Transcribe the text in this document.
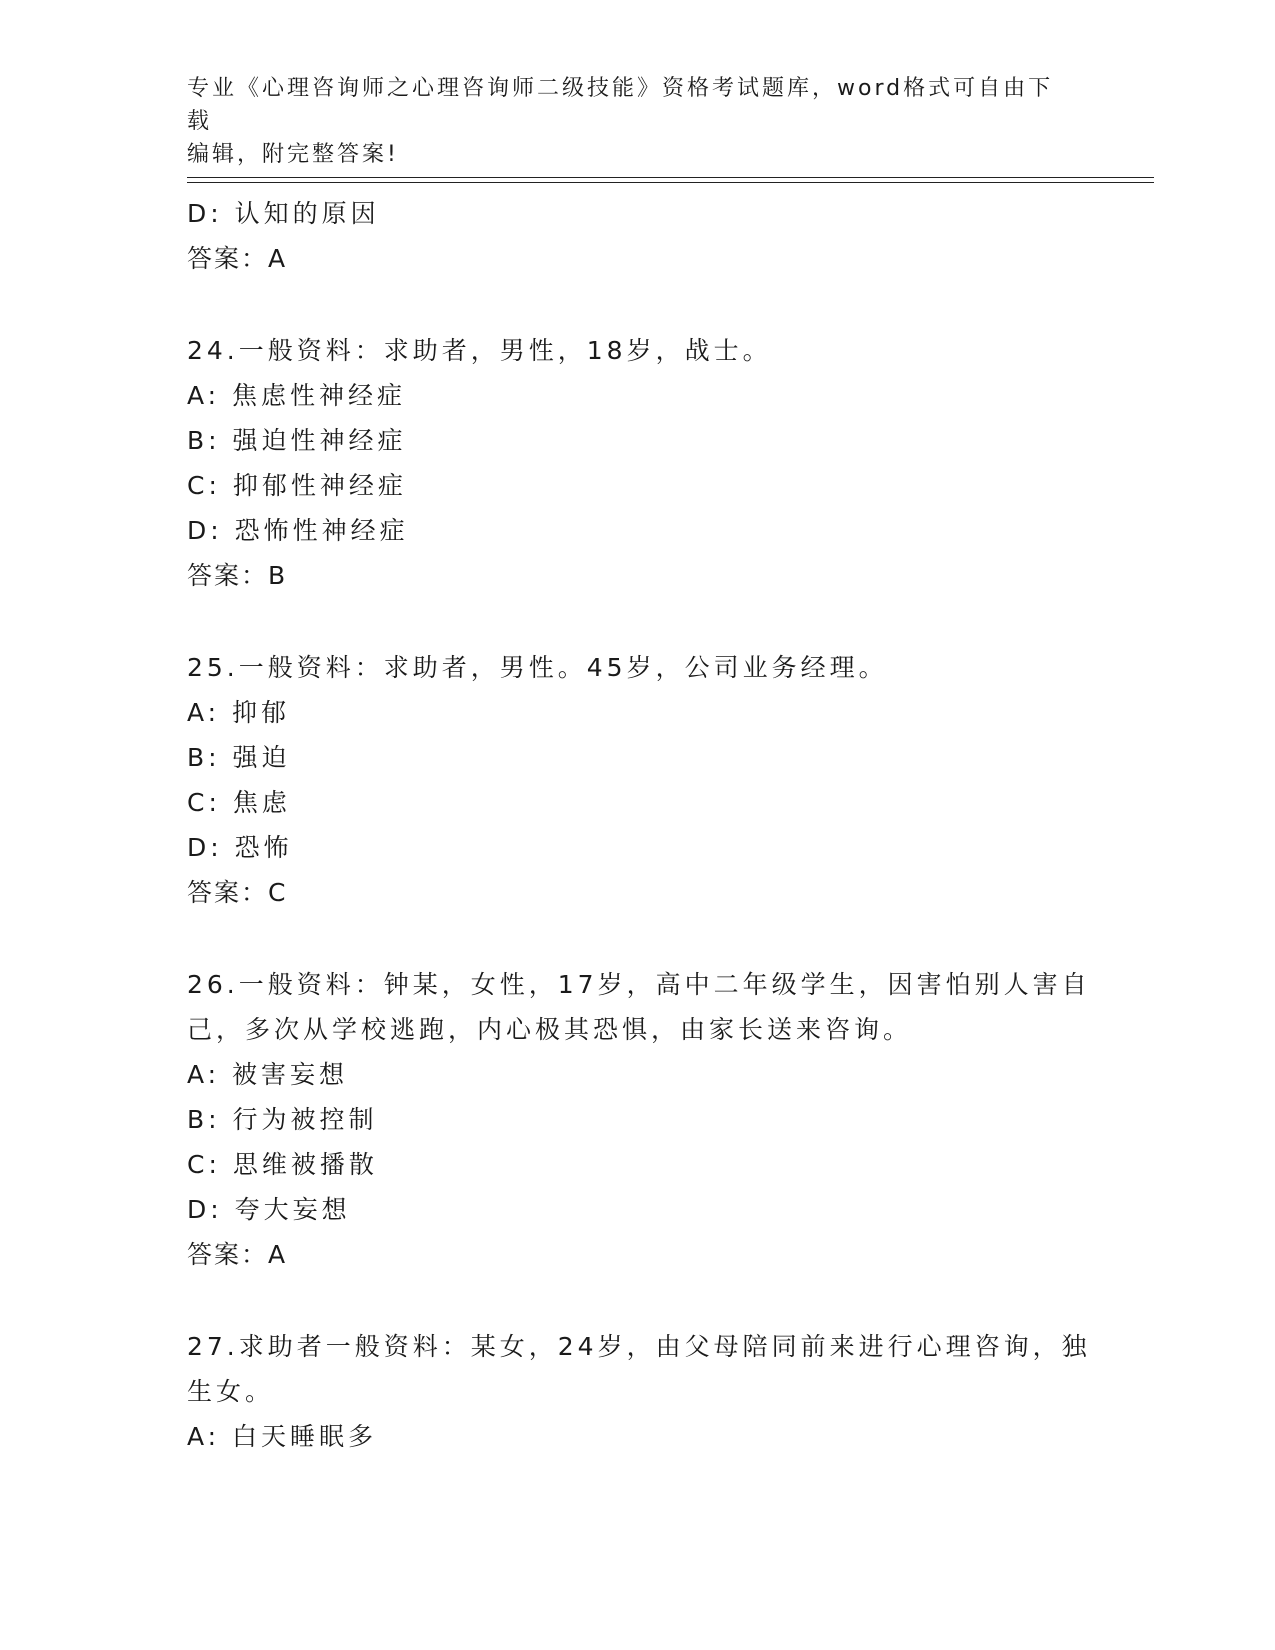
专业《心理咨询师之心理咨询师二级技能》资格考试题库，word格式可自由下载
编辑，附完整答案!
D: 认知的原因
答案：A
24.一般资料：求助者，男性，18岁，战士。
A: 焦虑性神经症
B: 强迫性神经症
C: 抑郁性神经症
D: 恐怖性神经症
答案：B
25.一般资料：求助者，男性。45岁，公司业务经理。
A: 抑郁
B: 强迫
C: 焦虑
D: 恐怖
答案：C
26.一般资料：钟某，女性，17岁，高中二年级学生，因害怕别人害自
己，多次从学校逃跑，内心极其恐惧，由家长送来咨询。
A: 被害妄想
B: 行为被控制
C: 思维被播散
D: 夸大妄想
答案：A
27.求助者一般资料：某女，24岁，由父母陪同前来进行心理咨询，独
生女。
A: 白天睡眠多
